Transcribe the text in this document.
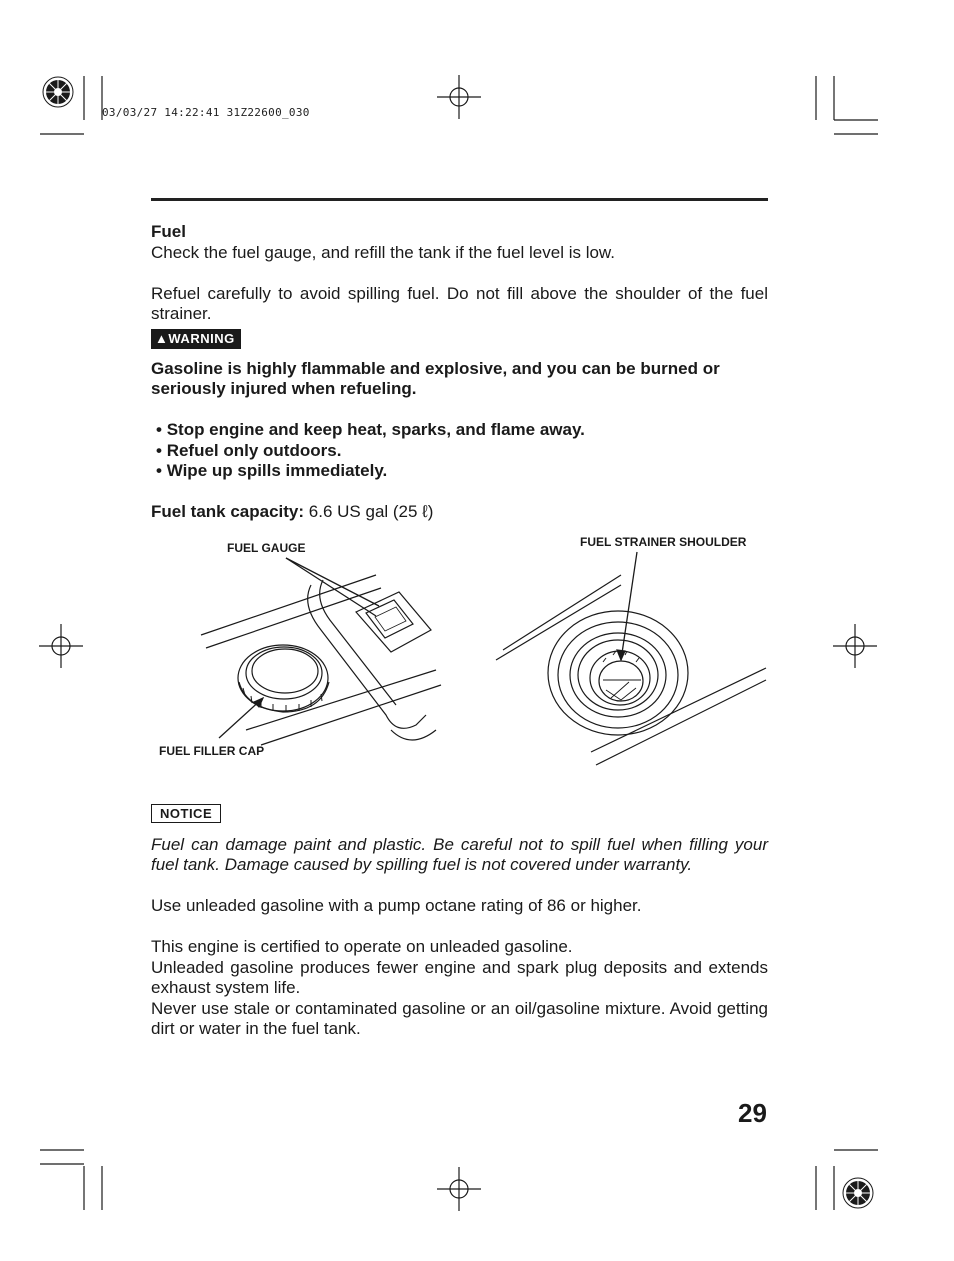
03/03/27 14:22:41 31Z22600_030

Fuel

Check the fuel gauge, and refill the tank if the fuel level is low.

Refuel carefully to avoid spilling fuel. Do not fill above the shoulder of the fuel strainer.

▲WARNING

Gasoline is highly flammable and explosive, and you can be burned or seriously injured when refueling.

• Stop engine and keep heat, sparks, and flame away.
• Refuel only outdoors.
• Wipe up spills immediately.

Fuel tank capacity: 6.6 US gal (25 ℓ)

FUEL GAUGE	FUEL STRAINER SHOULDER
FUEL FILLER CAP
NOTICE

Fuel can damage paint and plastic. Be careful not to spill fuel when filling your fuel tank. Damage caused by spilling fuel is not covered under warranty.

Use unleaded gasoline with a pump octane rating of 86 or higher.

This engine is certified to operate on unleaded gasoline.

Unleaded gasoline produces fewer engine and spark plug deposits and extends exhaust system life.

Never use stale or contaminated gasoline or an oil/gasoline mixture. Avoid getting dirt or water in the fuel tank.

29
